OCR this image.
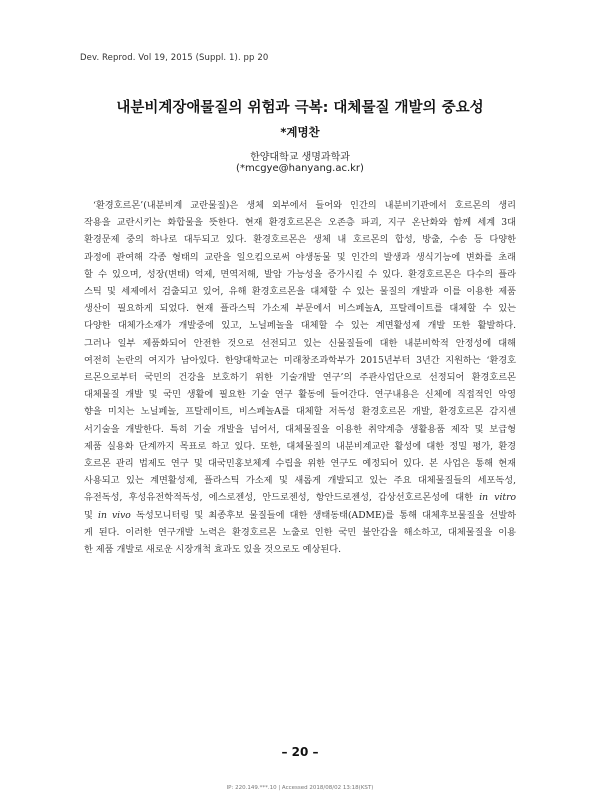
Dev. Reprod. Vol 19, 2015 (Suppl. 1). pp 20
내분비계장애물질의 위험과 극복: 대체물질 개발의 중요성
*계명찬
한양대학교 생명과학과
(*mcgye@hanyang.ac.kr)
‘환경호르몬’(내분비계 교란물질)은 생체 외부에서 들어와 인간의 내분비기관에서 호르몬의 생리
작용을 교란시키는 화합물을 뜻한다. 현재 환경호르몬은 오존층 파괴, 지구 온난화와 함께 세계 3대
환경문제 중의 하나로 대두되고 있다. 환경호르몬은 생체 내 호르몬의 합성, 방출, 수송 등 다양한
과정에 관여해 각종 형태의 교란을 일으킴으로써 야생동물 및 인간의 발생과 생식기능에 변화를 초래
할 수 있으며, 성장(변태) 억제, 면역저해, 발암 가능성을 증가시킬 수 있다. 환경호르몬은 다수의 플라
스틱 및 세제에서 검출되고 있어, 유해 환경호르몬을 대체할 수 있는 물질의 개발과 이를 이용한 제품
생산이 필요하게 되었다. 현재 플라스틱 가소제 부문에서 비스페놀A, 프탈레이트를 대체할 수 있는
다양한 대체가소재가 개발중에 있고, 노닐페놀을 대체할 수 있는 계면활성제 개발 또한 활발하다.
그러나 일부 제품화되어 안전한 것으로 선전되고 있는 신물질들에 대한 내분비학적 안정성에 대해
여전히 논란의 여지가 남아있다. 한양대학교는 미래창조과학부가 2015년부터 3년간 지원하는 ‘환경호
르몬으로부터 국민의 건강을 보호하기 위한 기술개발 연구’의 주관사업단으로 선정되어 환경호르몬
대체물질 개발 및 국민 생활에 필요한 기술 연구 활동에 들어간다. 연구내용은 신체에 직접적인 악영
향을 미치는 노닐페놀, 프탈레이트, 비스페놀A를 대체할 저독성 환경호르몬 개발, 환경호르몬 감지센
서기술을 개발한다. 특히 기술 개발을 넘어서, 대체물질을 이용한 취약계층 생활용품 제작 및 보급형
제품 실용화 단계까지 목표로 하고 있다. 또한, 대체물질의 내분비계교란 활성에 대한 정밀 평가, 환경
호르몬 관리 법제도 연구 및 대국민홍보체계 수립을 위한 연구도 예정되어 있다. 본 사업은 통해 현재
사용되고 있는 계면활성제, 플라스틱 가소제 및 새롭게 개발되고 있는 주요 대체물질들의 세포독성,
유전독성, 후성유전학적독성, 에스로젠성, 안드로젠성, 항안드로젠성, 갑상선호르몬성에 대한 in vitro
및 in vivo 독성모니터링 및 최종후보 물질들에 대한 생태동태(ADME)를 통해 대체후보물질을 선발하
게 된다. 이러한 연구개발 노력은 환경호르몬 노출로 인한 국민 불안감을 해소하고, 대체물질을 이용
한 제품 개발로 새로운 시장개척 효과도 있을 것으로도 예상된다.
– 20 –
IP: 220.149.***.10 | Accessed 2018/08/02 13:18(KST)
